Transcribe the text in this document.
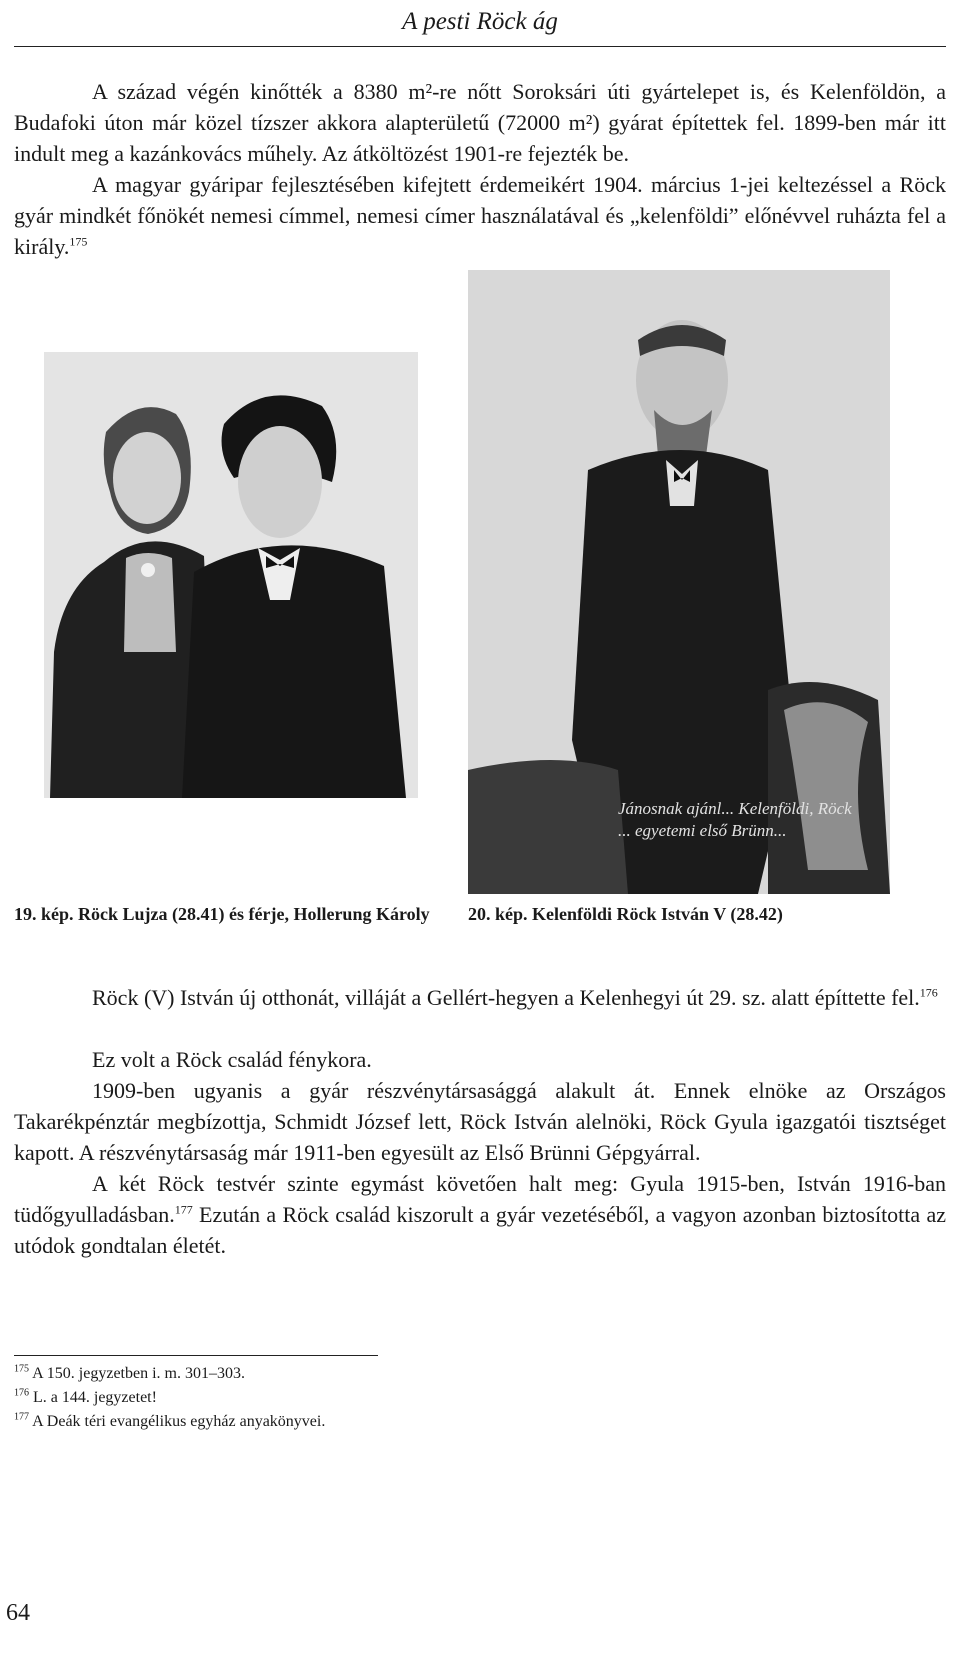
A pesti Röck ág

A század végén kinőtték a 8380 m²-re nőtt Soroksári úti gyártelepet is, és Kelenföldön, a Budafoki úton már közel tízszer akkora alapterületű (72000 m²) gyárat építettek fel. 1899-ben már itt indult meg a kazánkovács műhely. Az átköltözést 1901-re fejezték be.

A magyar gyáripar fejlesztésében kifejtett érdemeikért 1904. március 1-jei keltezéssel a Röck gyár mindkét főnökét nemesi címmel, nemesi címer használatával és „kelenföldi” előnévvel ruházta fel a király.$^{175}$

Jánosnak ajánl... Kelenföldi, Röck ... egyetemi első Brünn...
19. kép. Röck Lujza (28.41) és férje, Hollerung Károly	20. kép. Kelenföldi Röck István V (28.42)

Röck (V) István új otthonát, villáját a Gellért-hegyen a Kelenhegyi út 29. sz. alatt építtette fel.$^{176}$

Ez volt a Röck család fénykora.

1909-ben ugyanis a gyár részvénytársasággá alakult át. Ennek elnöke az Országos Takarékpénztár megbízottja, Schmidt József lett, Röck István alelnöki, Röck Gyula igazgatói tisztséget kapott. A részvénytársaság már 1911-ben egyesült az Első Brünni Gépgyárral.

A két Röck testvér szinte egymást követően halt meg: Gyula 1915-ben, István 1916-ban tüdőgyulladásban.$^{177}$ Ezután a Röck család kiszorult a gyár vezetéséből, a vagyon azonban biztosította az utódok gondtalan életét.

$^{175}$ A 150. jegyzetben i. m. 301–303.

$^{176}$ L. a 144. jegyzetet!

$^{177}$ A Deák téri evangélikus egyház anyakönyvei.

64
